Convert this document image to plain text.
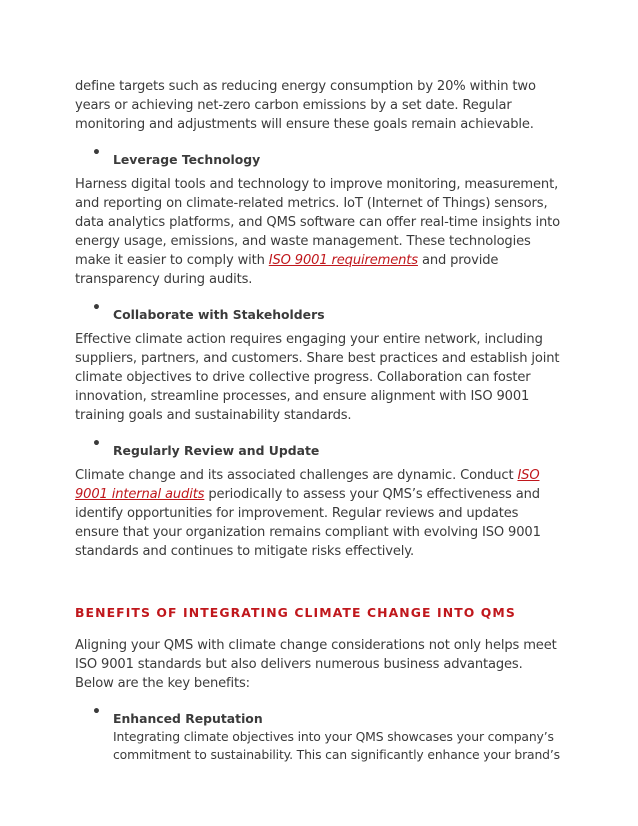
define targets such as reducing energy consumption by 20% within two years or achieving net-zero carbon emissions by a set date. Regular monitoring and adjustments will ensure these goals remain achievable.

• Leverage Technology

Harness digital tools and technology to improve monitoring, measurement, and reporting on climate-related metrics. IoT (Internet of Things) sensors, data analytics platforms, and QMS software can offer real-time insights into energy usage, emissions, and waste management. These technologies make it easier to comply with ISO 9001 requirements and provide transparency during audits.

• Collaborate with Stakeholders

Effective climate action requires engaging your entire network, including suppliers, partners, and customers. Share best practices and establish joint climate objectives to drive collective progress. Collaboration can foster innovation, streamline processes, and ensure alignment with ISO 9001 training goals and sustainability standards.

• Regularly Review and Update

Climate change and its associated challenges are dynamic. Conduct ISO 9001 internal audits periodically to assess your QMS’s effectiveness and identify opportunities for improvement. Regular reviews and updates ensure that your organization remains compliant with evolving ISO 9001 standards and continues to mitigate risks effectively.

BENEFITS OF INTEGRATING CLIMATE CHANGE INTO QMS

Aligning your QMS with climate change considerations not only helps meet ISO 9001 standards but also delivers numerous business advantages. Below are the key benefits:

• Enhanced Reputation
Integrating climate objectives into your QMS showcases your company’s commitment to sustainability. This can significantly enhance your brand’s
